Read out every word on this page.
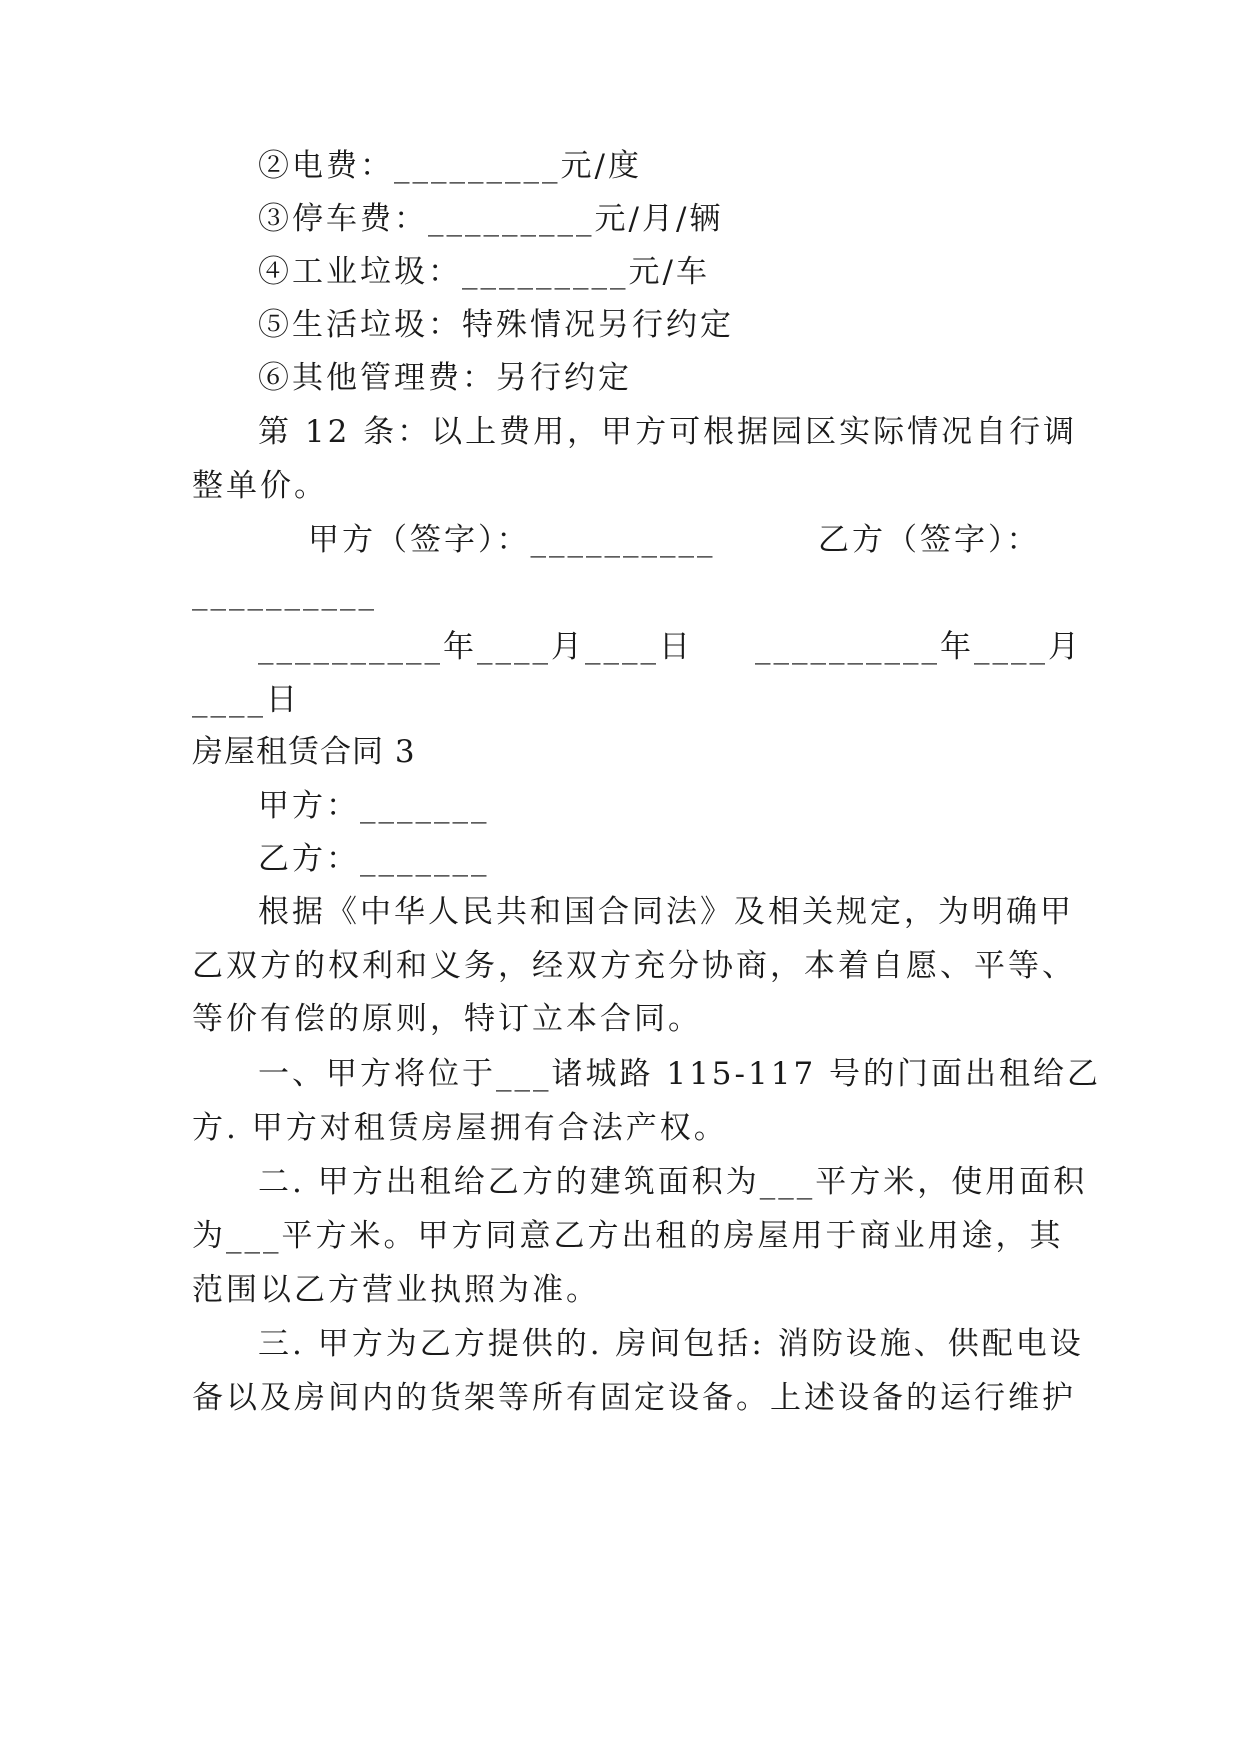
②电费：_________元/度
③停车费：_________元/月/辆
④工业垃圾：_________元/车
⑤生活垃圾：特殊情况另行约定
⑥其他管理费：另行约定
第 12 条：以上费用，甲方可根据园区实际情况自行调
整单价。
甲方（签字）：__________	乙方（签字）：
__________
__________年____月____日 __________年____月
____日
房屋租赁合同 3
甲方：_______
乙方：_______
根据《中华人民共和国合同法》及相关规定，为明确甲
乙双方的权利和义务，经双方充分协商，本着自愿、平等、
等价有偿的原则，特订立本合同。
一、甲方将位于___诸城路 115-117 号的门面出租给乙
方. 甲方对租赁房屋拥有合法产权。
二. 甲方出租给乙方的建筑面积为___平方米，使用面积
为___平方米。甲方同意乙方出租的房屋用于商业用途，其
范围以乙方营业执照为准。
三. 甲方为乙方提供的. 房间包括: 消防设施、供配电设
备以及房间内的货架等所有固定设备。上述设备的运行维护
